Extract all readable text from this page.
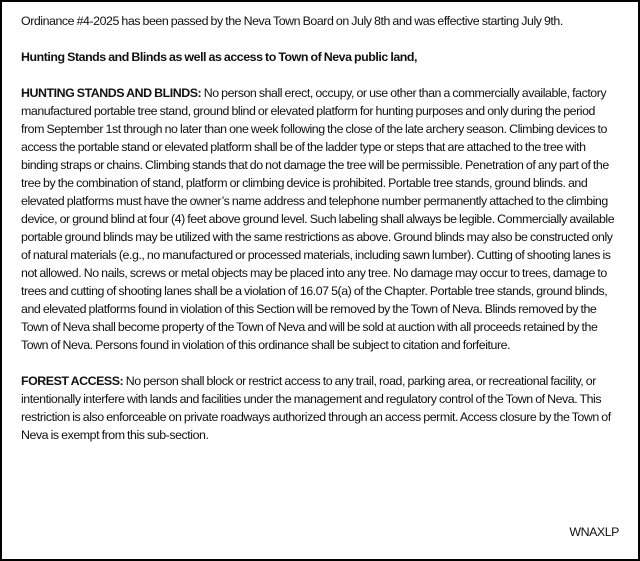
Ordinance #4-2025 has been passed by the Neva Town Board on July 8th and was effective starting July 9th.

Hunting Stands and Blinds as well as access to Town of Neva public land,

HUNTING STANDS AND BLINDS: No person shall erect, occupy, or use other than a commercially available, factory manufactured portable tree stand, ground blind or elevated platform for hunting purposes and only during the period from September 1st through no later than one week following the close of the late archery season. Climbing devices to access the portable stand or elevated platform shall be of the ladder type or steps that are attached to the tree with binding straps or chains. Climbing stands that do not damage the tree will be permissible. Penetration of any part of the tree by the combination of stand, platform or climbing device is prohibited. Portable tree stands, ground blinds. and elevated platforms must have the owner’s name address and telephone number permanently attached to the climbing device, or ground blind at four (4) feet above ground level. Such labeling shall always be legible. Commercially available portable ground blinds may be utilized with the same restrictions as above. Ground blinds may also be constructed only of natural materials (e.g., no manufactured or processed materials, including sawn lumber). Cutting of shooting lanes is not allowed. No nails, screws or metal objects may be placed into any tree. No damage may occur to trees, damage to trees and cutting of shooting lanes shall be a violation of 16.07 5(a) of the Chapter. Portable tree stands, ground blinds, and elevated platforms found in violation of this Section will be removed by the Town of Neva. Blinds removed by the Town of Neva shall become property of the Town of Neva and will be sold at auction with all proceeds retained by the Town of Neva. Persons found in violation of this ordinance shall be subject to citation and forfeiture.

FOREST ACCESS: No person shall block or restrict access to any trail, road, parking area, or recreational facility, or intentionally interfere with lands and facilities under the management and regulatory control of the Town of Neva. This restriction is also enforceable on private roadways authorized through an access permit. Access closure by the Town of Neva is exempt from this sub-section.

WNAXLP
